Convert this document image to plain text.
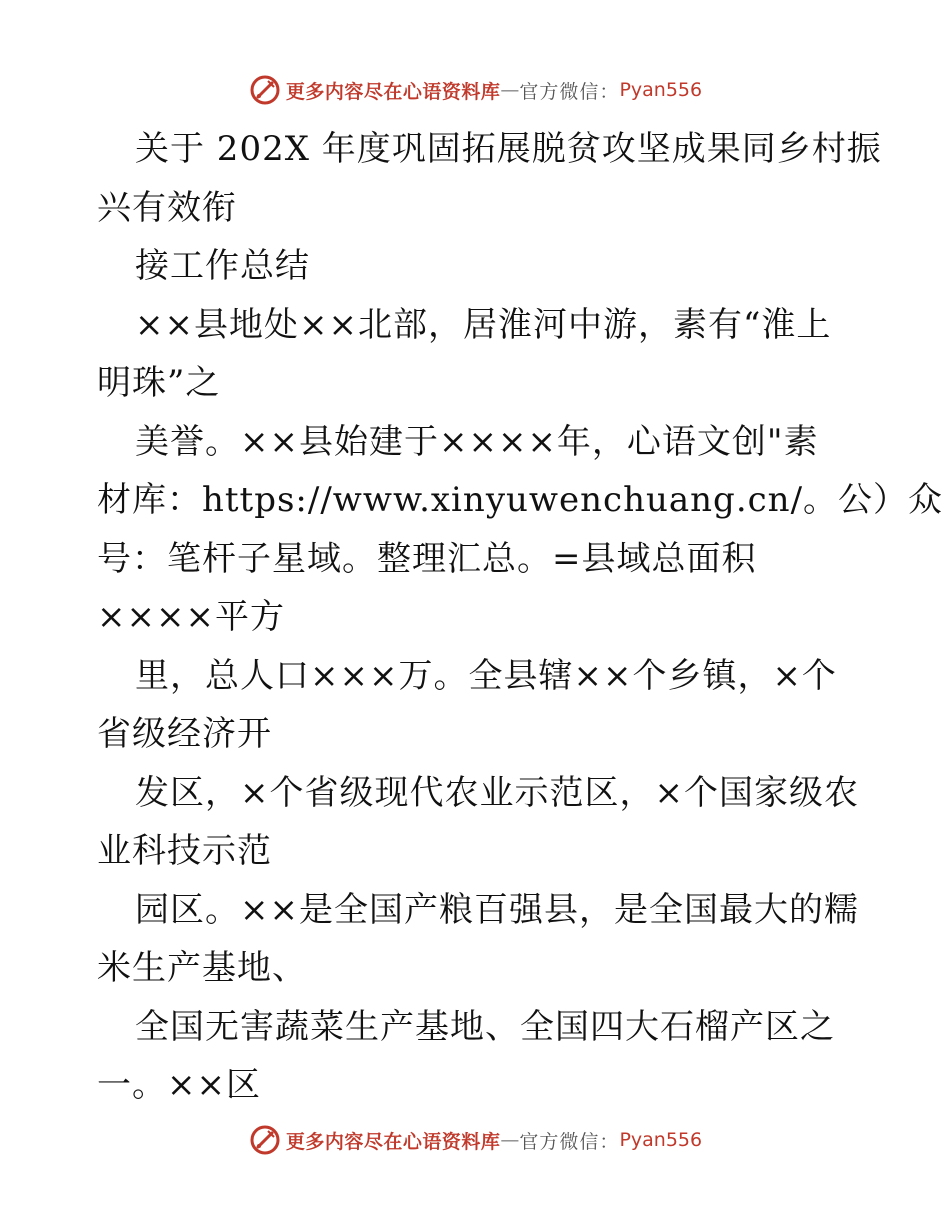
更多内容尽在心语资料库 — 官方微信： Pyan556
关于 202X 年度巩固拓展脱贫攻坚成果同乡村振
兴有效衔
接工作总结
××县地处××北部，居淮河中游，素有“淮上
明珠”之
美誉。××县始建于××××年，心语文创"素
材库：https://www.xinyuwenchuang.cn/。公）众
号：笔杆子星域。整理汇总。=县域总面积
××××平方
里，总人口×××万。全县辖××个乡镇，×个
省级经济开
发区，×个省级现代农业示范区，×个国家级农
业科技示范
园区。××是全国产粮百强县，是全国最大的糯
米生产基地、
全国无害蔬菜生产基地、全国四大石榴产区之
一。××区
更多内容尽在心语资料库 — 官方微信： Pyan556
